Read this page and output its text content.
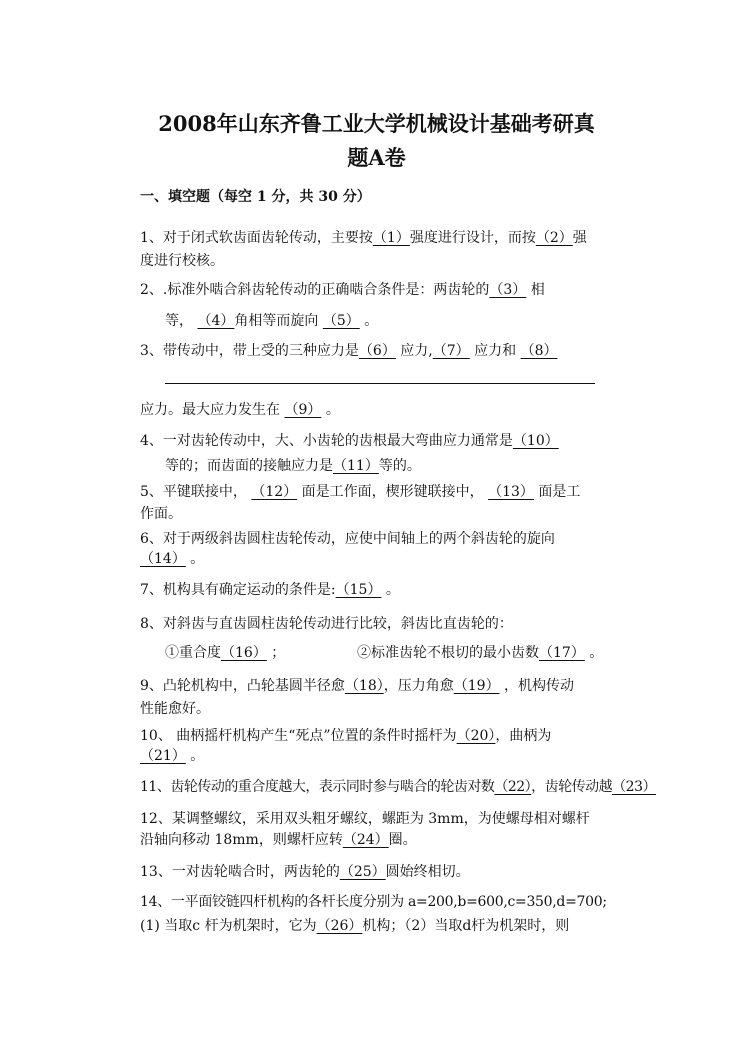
2008年山东齐鲁工业大学机械设计基础考研真
题A卷
一、填空题（每空 1 分，共 30 分）
1、对于闭式软齿面齿轮传动，主要按（1）强度进行设计，而按（2）强
度进行校核。
2、.标准外啮合斜齿轮传动的正确啮合条件是：两齿轮的（3） 相
等， （4）角相等而旋向 （5） 。
3、带传动中，带上受的三种应力是（6） 应力,（7） 应力和 （8）
应力。最大应力发生在 （9） 。
4、一对齿轮传动中，大、小齿轮的齿根最大弯曲应力通常是（10）
等的；而齿面的接触应力是（11）等的。
5、平键联接中， （12） 面是工作面，楔形键联接中， （13） 面是工
作面。
6、对于两级斜齿圆柱齿轮传动，应使中间轴上的两个斜齿轮的旋向
（14） 。
7、机构具有确定运动的条件是:（15） 。
8、对斜齿与直齿圆柱齿轮传动进行比较，斜齿比直齿轮的：
①重合度（16） ；	②标准齿轮不根切的最小齿数（17） 。
9、凸轮机构中，凸轮基圆半径愈（18），压力角愈（19） ，机构传动
性能愈好。
10、 曲柄摇杆机构产生“死点”位置的条件时摇杆为（20），曲柄为
（21） 。
11、齿轮传动的重合度越大，表示同时参与啮合的轮齿对数（22），齿轮传动越（23）
12、某调整螺纹，采用双头粗牙螺纹，螺距为 3mm，为使螺母相对螺杆
沿轴向移动 18mm，则螺杆应转（24）圈。
13、一对齿轮啮合时，两齿轮的（25）圆始终相切。
14、一平面铰链四杆机构的各杆长度分别为 a=200,b=600,c=350,d=700;
(1) 当取c 杆为机架时，它为（26）机构；（2）当取d杆为机架时，则
